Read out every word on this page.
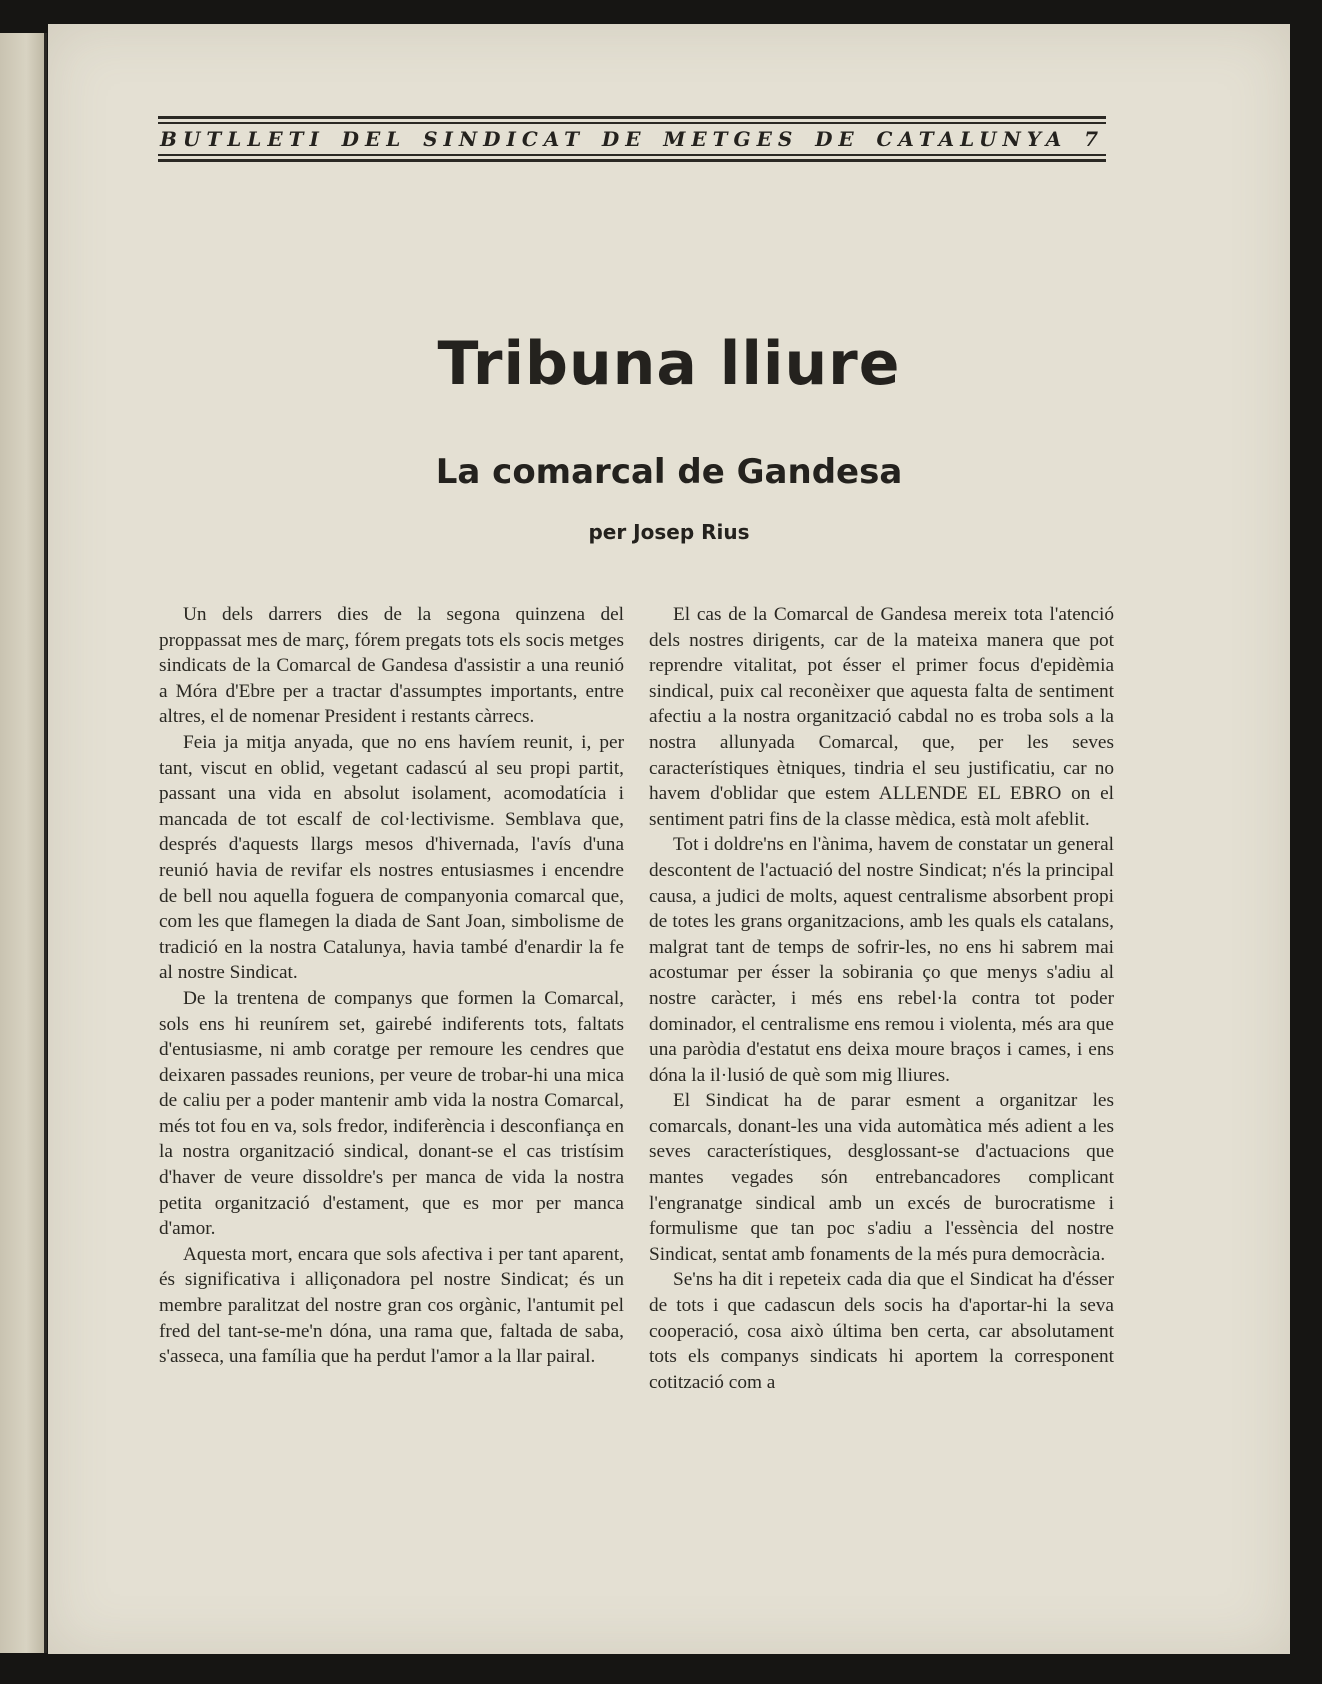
BUTLLETI DEL SINDICAT DE METGES DE CATALUNYA 7
Tribuna lliure
La comarcal de Gandesa
per Josep Rius

Un dels darrers dies de la segona quinzena del proppassat mes de març, fórem pregats tots els socis metges sindicats de la Comarcal de Gandesa d'assistir a una reunió a Móra d'Ebre per a tractar d'assumptes importants, entre altres, el de nomenar President i restants càrrecs.

Feia ja mitja anyada, que no ens havíem reunit, i, per tant, viscut en oblid, vegetant cadascú al seu propi partit, passant una vida en absolut isolament, acomodatícia i mancada de tot escalf de col·lectivisme. Semblava que, després d'aquests llargs mesos d'hivernada, l'avís d'una reunió havia de revifar els nostres entusiasmes i encendre de bell nou aquella foguera de companyonia comarcal que, com les que flamegen la diada de Sant Joan, simbolisme de tradició en la nostra Catalunya, havia també d'enardir la fe al nostre Sindicat.

De la trentena de companys que formen la Comarcal, sols ens hi reunírem set, gairebé indiferents tots, faltats d'entusiasme, ni amb coratge per remoure les cendres que deixaren passades reunions, per veure de trobar-hi una mica de caliu per a poder mantenir amb vida la nostra Comarcal, més tot fou en va, sols fredor, indiferència i desconfiança en la nostra organització sindical, donant-se el cas tristísim d'haver de veure dissoldre's per manca de vida la nostra petita organització d'estament, que es mor per manca d'amor.

Aquesta mort, encara que sols afectiva i per tant aparent, és significativa i alliçonadora pel nostre Sindicat; és un membre paralitzat del nostre gran cos orgànic, l'antumit pel fred del tant-se-me'n dóna, una rama que, faltada de saba, s'asseca, una família que ha perdut l'amor a la llar pairal.

El cas de la Comarcal de Gandesa mereix tota l'atenció dels nostres dirigents, car de la mateixa manera que pot reprendre vitalitat, pot ésser el primer focus d'epidèmia sindical, puix cal reconèixer que aquesta falta de sentiment afectiu a la nostra organització cabdal no es troba sols a la nostra allunyada Comarcal, que, per les seves característiques ètniques, tindria el seu justificatiu, car no havem d'oblidar que estem ALLENDE EL EBRO on el sentiment patri fins de la classe mèdica, està molt afeblit.

Tot i doldre'ns en l'ànima, havem de constatar un general descontent de l'actuació del nostre Sindicat; n'és la principal causa, a judici de molts, aquest centralisme absorbent propi de totes les grans organitzacions, amb les quals els catalans, malgrat tant de temps de sofrir-les, no ens hi sabrem mai acostumar per ésser la sobirania ço que menys s'adiu al nostre caràcter, i més ens rebel·la contra tot poder dominador, el centralisme ens remou i violenta, més ara que una paròdia d'estatut ens deixa moure braços i cames, i ens dóna la il·lusió de què som mig lliures.

El Sindicat ha de parar esment a organitzar les comarcals, donant-les una vida automàtica més adient a les seves característiques, desglossant-se d'actuacions que mantes vegades són entrebancadores complicant l'engranatge sindical amb un excés de burocratisme i formulisme que tan poc s'adiu a l'essència del nostre Sindicat, sentat amb fonaments de la més pura democràcia.

Se'ns ha dit i repeteix cada dia que el Sindicat ha d'ésser de tots i que cadascun dels socis ha d'aportar-hi la seva cooperació, cosa això última ben certa, car absolutament tots els companys sindicats hi aportem la corresponent cotització com a
